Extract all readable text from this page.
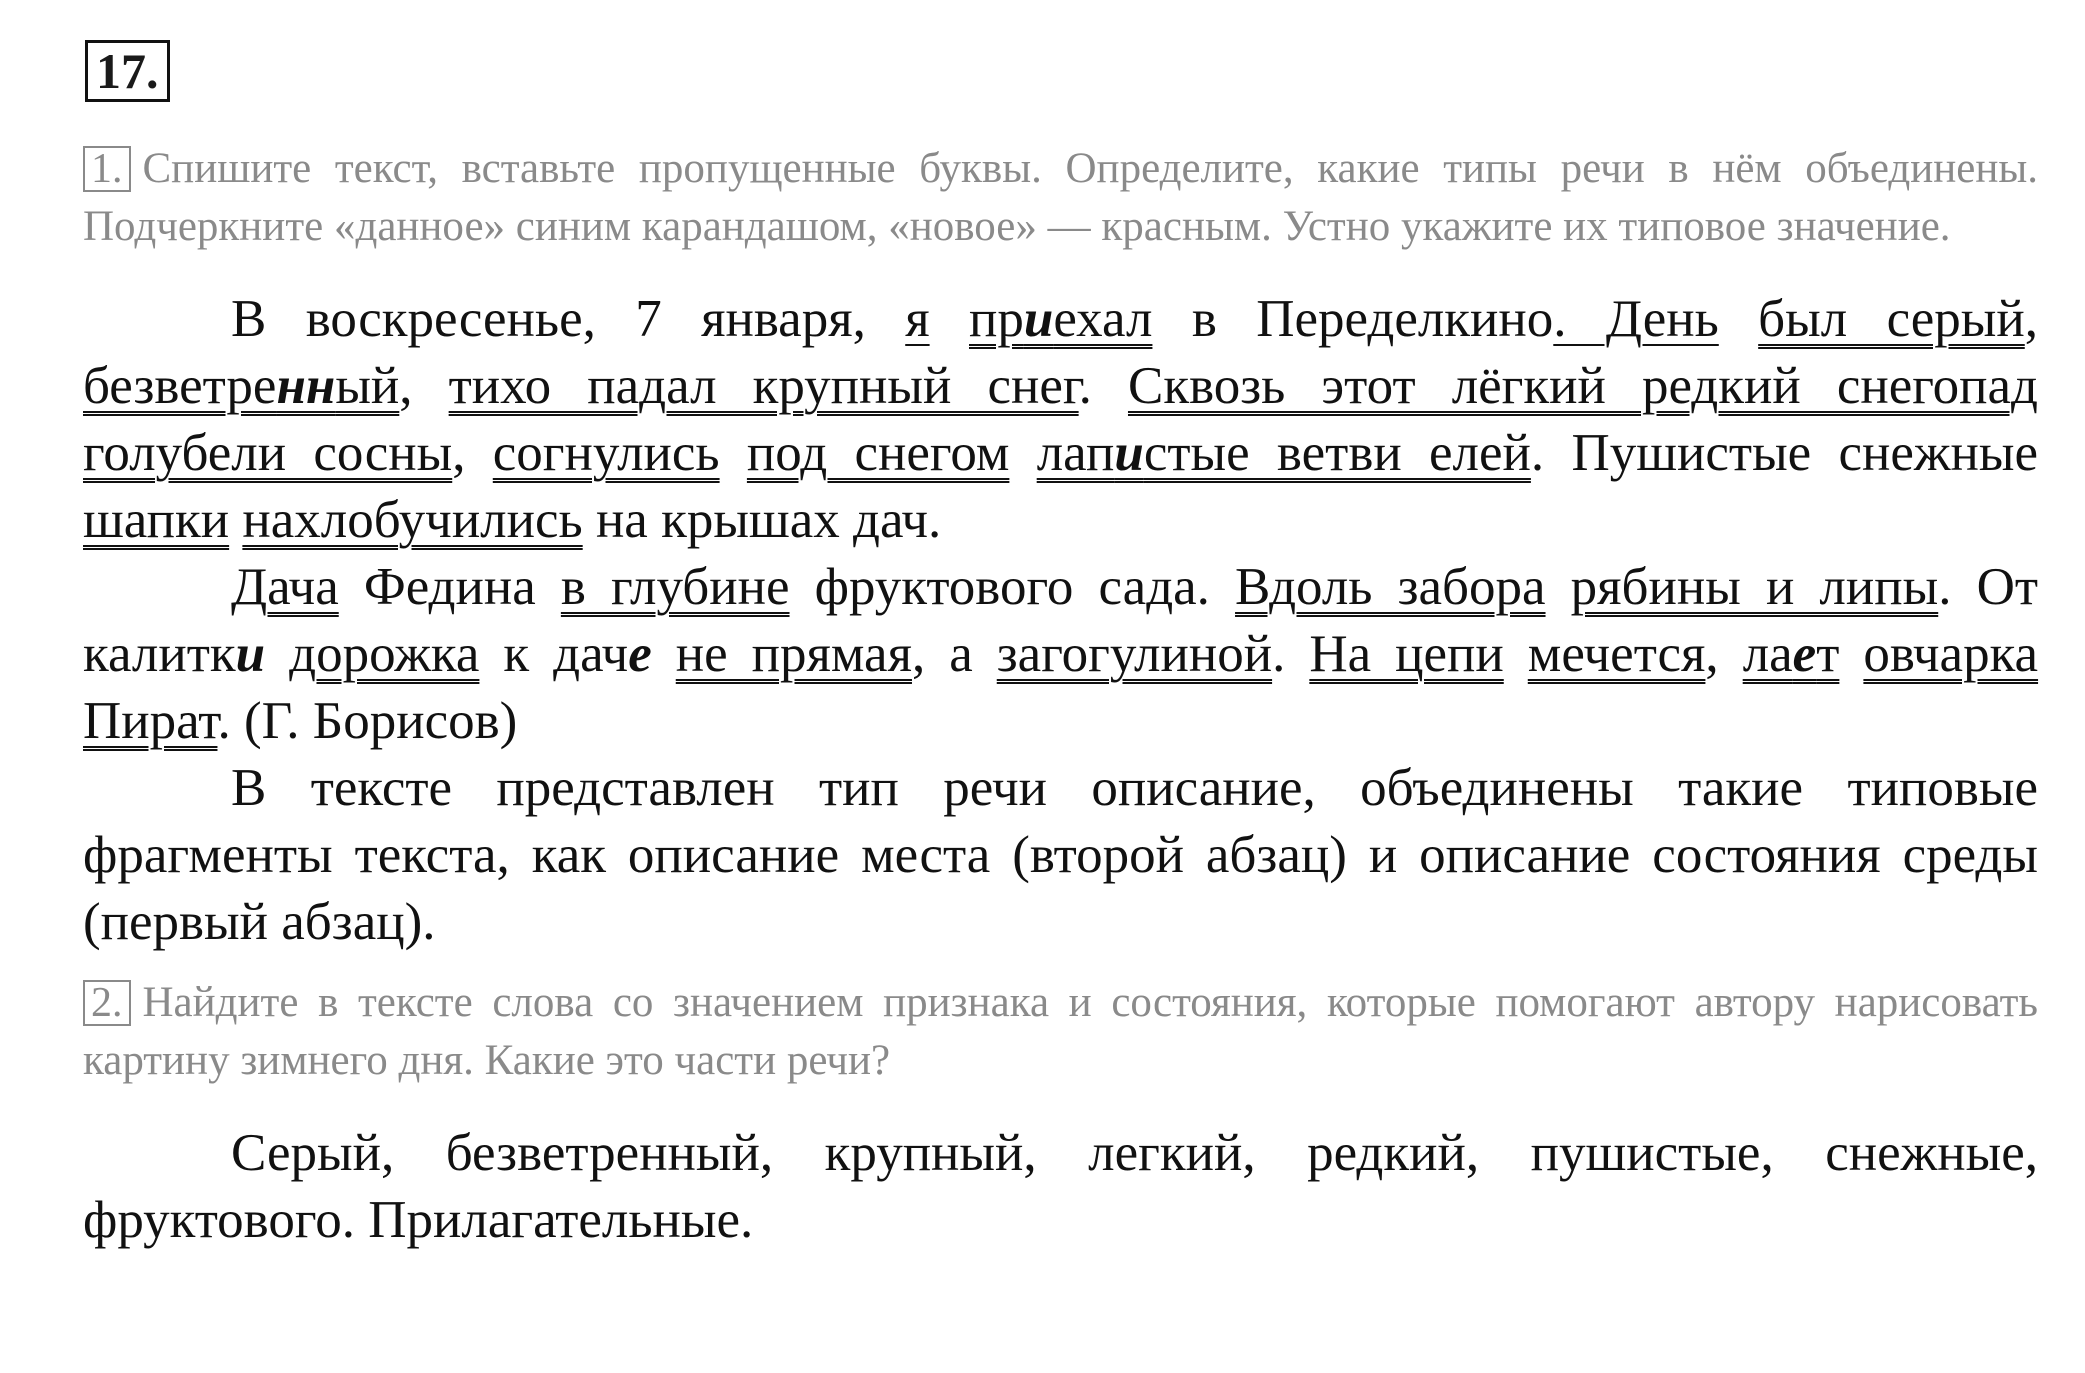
17.
1. Спишите текст, вставьте пропущенные буквы. Определите, какие типы речи в нём объединены. Подчеркните «данное» синим карандашом, «новое» — красным. Устно укажите их типовое значение.

В воскресенье, 7 января, я приехал в Переделкино. День был серый, безветренный, тихо падал крупный снег. Сквозь этот лёгкий редкий снегопад голубели сосны, согнулись под снегом лапистые ветви елей. Пушистые снежные шапки нахлобучились на крышах дач.

Дача Федина в глубине фруктового сада. Вдоль забора рябины и липы. От калитки дорожка к даче не прямая, а загогулиной. На цепи мечется, лает овчарка Пират. (Г. Борисов)

В тексте представлен тип речи описание, объединены такие типовые фрагменты текста, как описание места (второй абзац) и описание состояния среды (первый абзац).

2. Найдите в тексте слова со значением признака и состояния, которые помогают автору нарисовать картину зимнего дня. Какие это части речи?

Серый, безветренный, крупный, легкий, редкий, пушистые, снежные, фруктового. Прилагательные.
